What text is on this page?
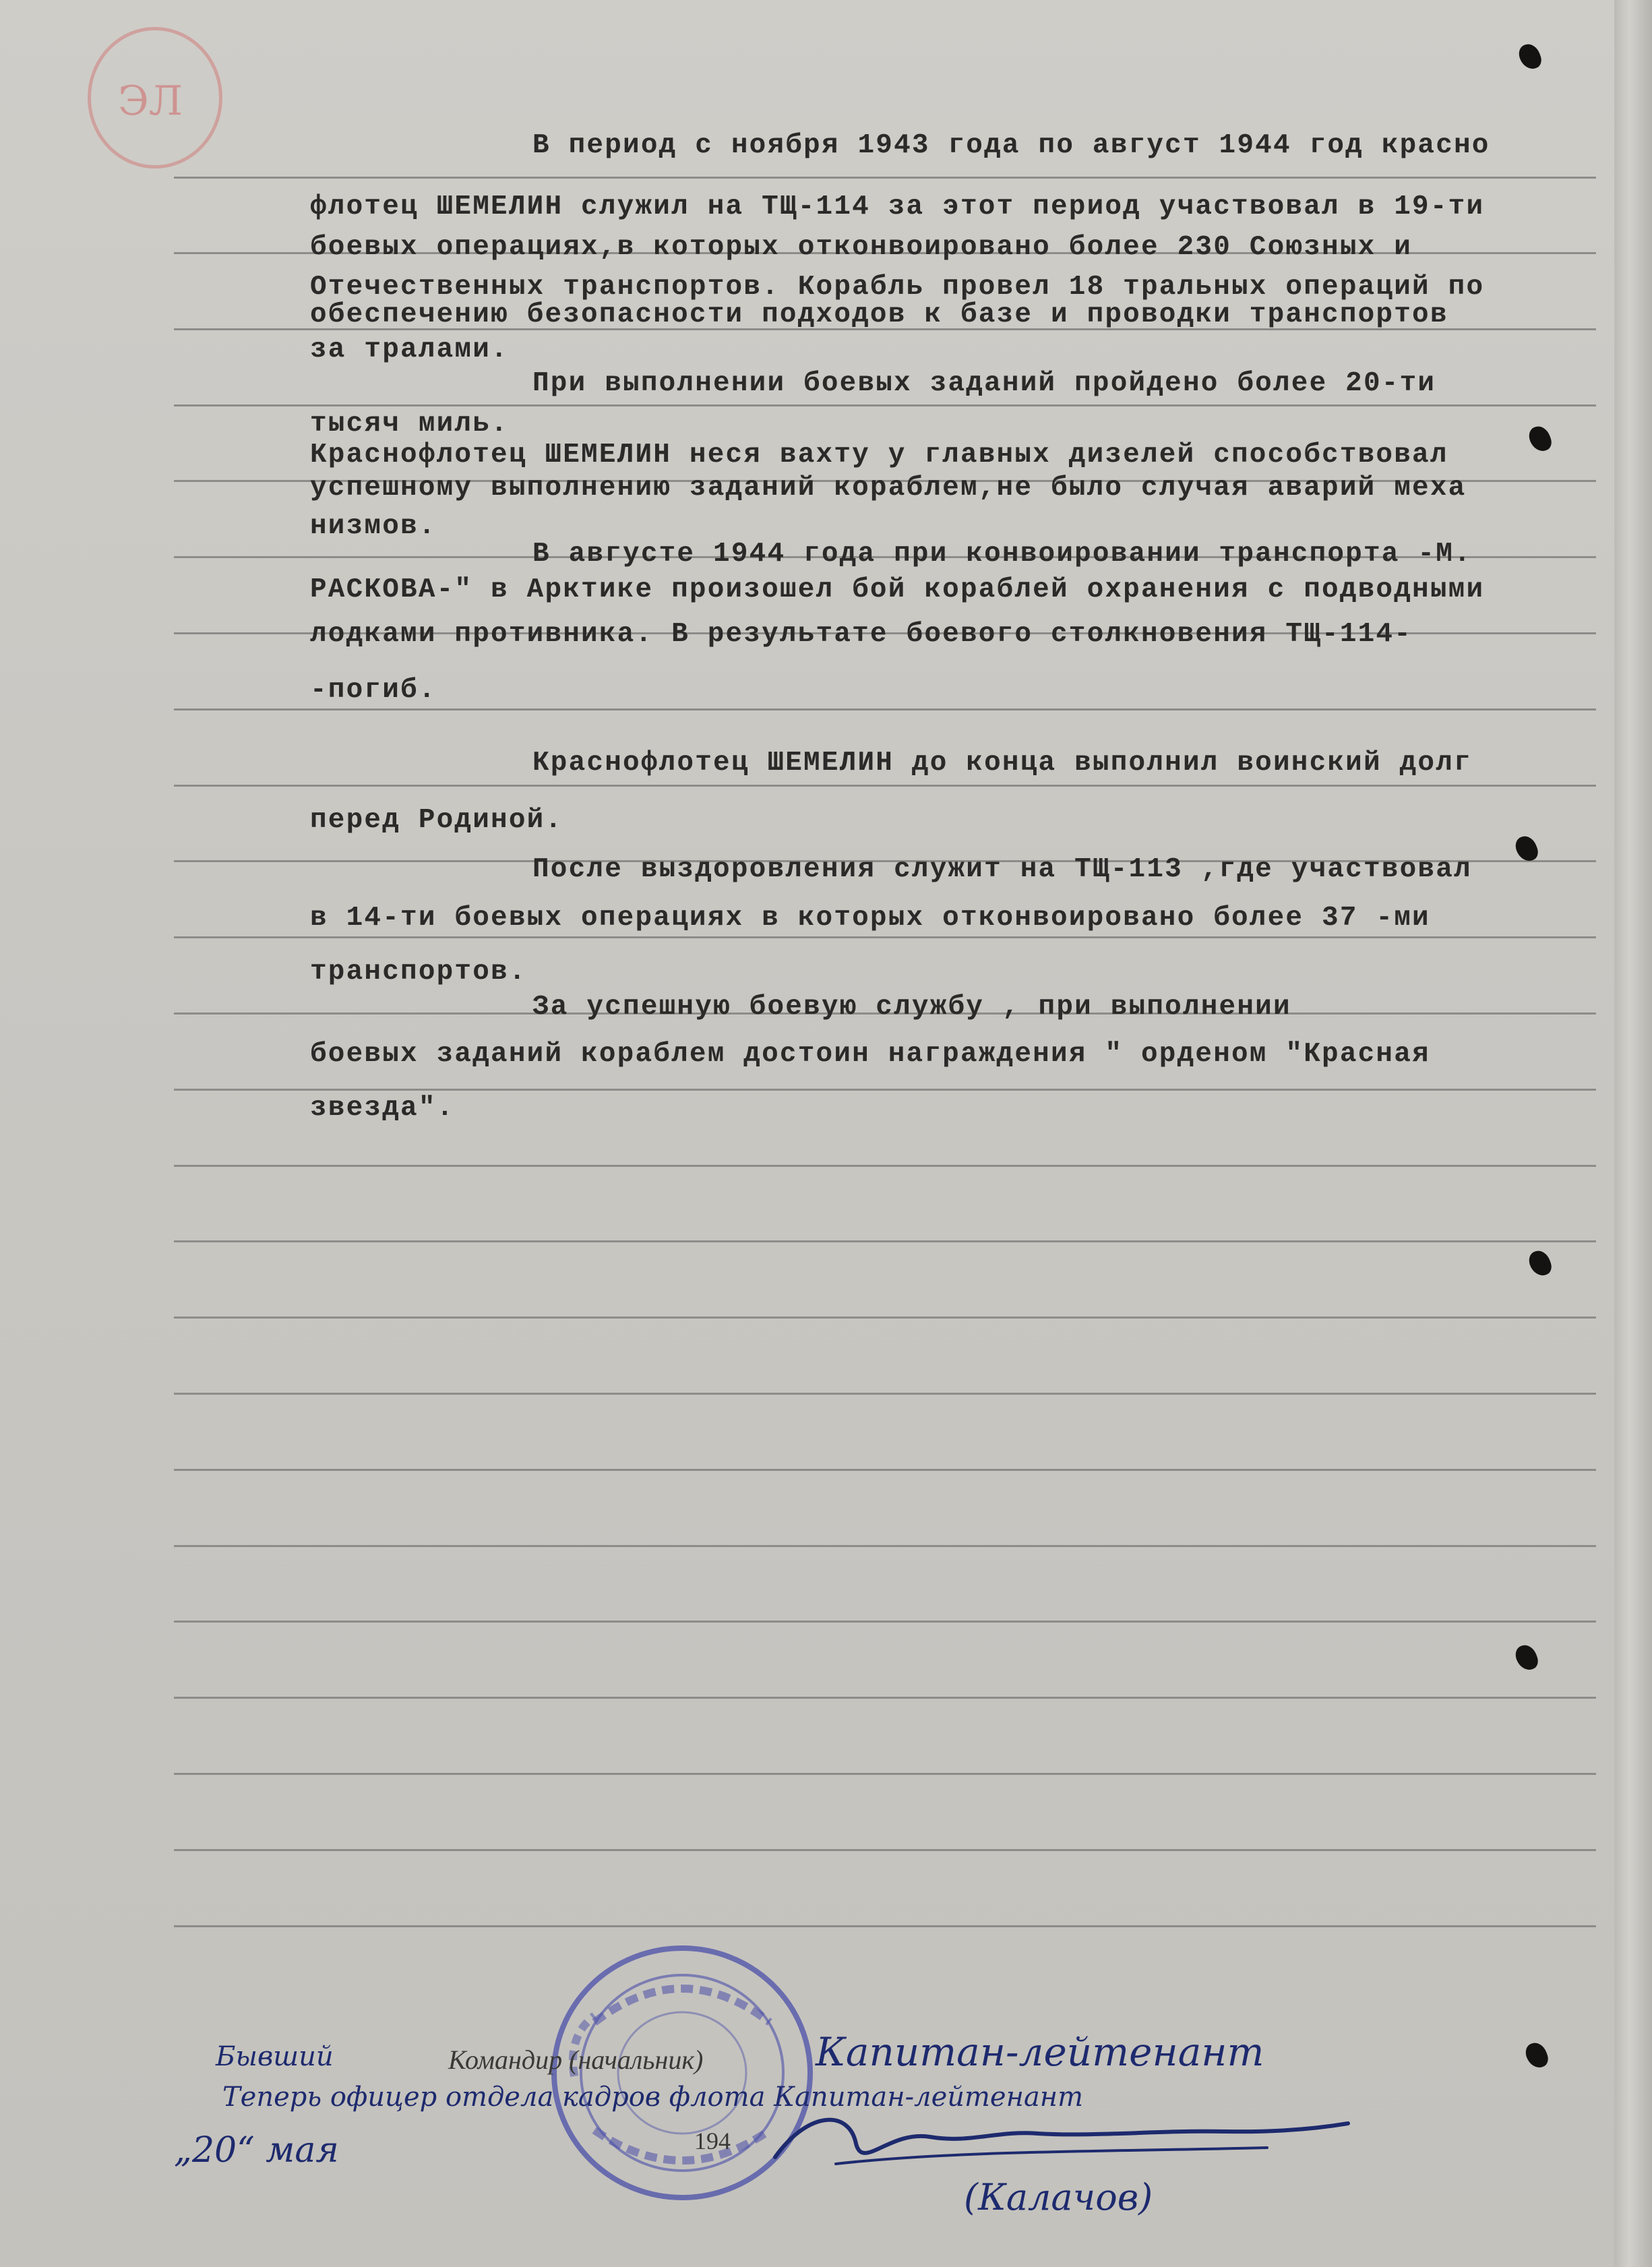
ЭЛ
В период с ноября 1943 года по август 1944 год красно
флотец ШЕМЕЛИН служил на ТЩ-114 за этот период участвовал в 19-ти
боевых операциях,в которых отконвоировано более 230 Союзных и
Отечественных транспортов. Корабль провел 18 тральных операций по
обеспечению безопасности подходов к базе и проводки транспортов
за тралами.
При выполнении боевых заданий пройдено более 20-ти
тысяч миль.
Краснофлотец ШЕМЕЛИН неся вахту у главных дизелей способствовал
успешному выполнению заданий кораблем,не было случая аварий меха
низмов.
В августе 1944 года при конвоировании транспорта -М.
РАСКОВА-" в Арктике произошел бой кораблей охранения с подводными
лодками противника. В результате боевого столкновения ТЩ-114-
-погиб.
Краснофлотец ШЕМЕЛИН до конца выполнил воинский долг
перед Родиной.
После выздоровления служит на ТЩ-113 ,где участвовал
в 14-ти боевых операциях в которых отконвоировано более 37 -ми
транспортов.
За успешную боевую службу , при выполнении
боевых заданий кораблем достоин награждения " орденом "Красная
звезда".
Бывший	Командир (начальник)	Капитан-лейтенант
Теперь офицер отдела кадров флота Капитан-лейтенант
„20“ мая	194
(Калачов)
